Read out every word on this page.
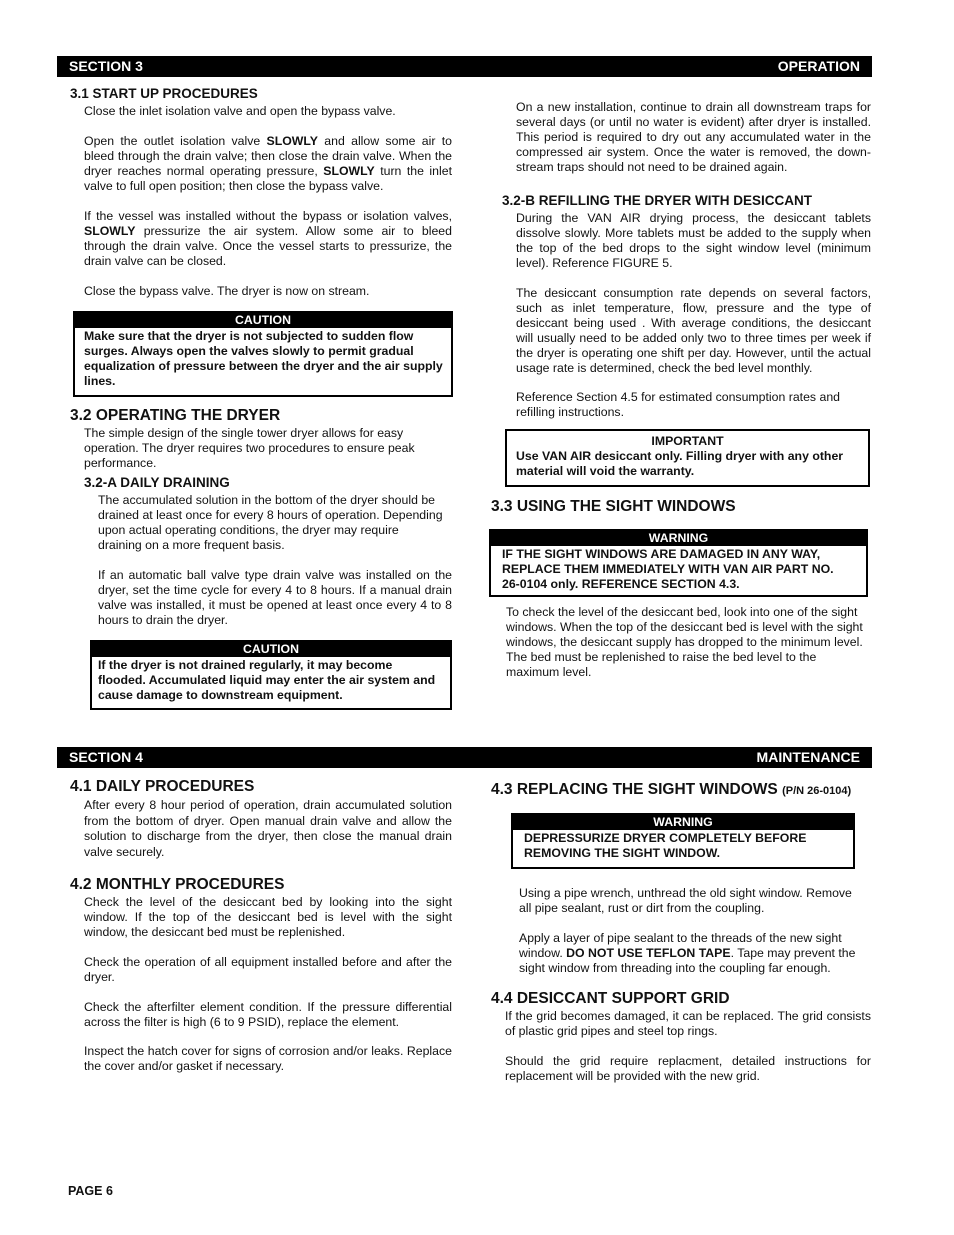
SECTION 3	OPERATION
3.1 START UP PROCEDURES

Close the inlet isolation valve and open the bypass valve.

Open the outlet isolation valve SLOWLY and allow some air to bleed through the drain valve; then close the drain valve. When the dryer reaches normal operating pressure, SLOWLY turn the inlet valve to full open position; then close the bypass valve.

If the vessel was installed without the bypass or isolation valves, SLOWLY pressurize the air system. Allow some air to bleed through the drain valve. Once the vessel starts to pressurize, the drain valve can be closed.

Close the bypass valve. The dryer is now on stream.

CAUTION
Make sure that the dryer is not subjected to sudden flow surges. Always open the valves slowly to permit gradual equalization of pressure between the dryer and the air supply lines.
3.2 OPERATING THE DRYER

The simple design of the single tower dryer allows for easy operation. The dryer requires two procedures to ensure peak performance.

3.2-A DAILY DRAINING

The accumulated solution in the bottom of the dryer should be drained at least once for every 8 hours of operation. Depending upon actual operating conditions, the dryer may require draining on a more frequent basis.

If an automatic ball valve type drain valve was installed on the dryer, set the time cycle for every 4 to 8 hours. If a manual drain valve was installed, it must be opened at least once every 4 to 8 hours to drain the dryer.

CAUTION
If the dryer is not drained regularly, it may become flooded. Accumulated liquid may enter the air system and cause damage to downstream equipment.

On a new installation, continue to drain all downstream traps for several days (or until no water is evident) after dryer is installed. This period is required to dry out any accumulated water in the compressed air system. Once the water is removed, the down-stream traps should not need to be drained again.

3.2-B REFILLING THE DRYER WITH DESICCANT

During the VAN AIR drying process, the desiccant tablets dissolve slowly. More tablets must be added to the supply when the top of the bed drops to the sight window level (minimum level). Reference FIGURE 5.

The desiccant consumption rate depends on several factors, such as inlet temperature, flow, pressure and the type of desiccant being used . With average conditions, the desiccant will usually need to be added only two to three times per week if the dryer is operating one shift per day. However, until the actual usage rate is determined, check the bed level monthly.

Reference Section 4.5 for estimated consumption rates and refilling instructions.

IMPORTANT
Use VAN AIR desiccant only. Filling dryer with any other material will void the warranty.
3.3 USING THE SIGHT WINDOWS
WARNING
IF THE SIGHT WINDOWS ARE DAMAGED IN ANY WAY, REPLACE THEM IMMEDIATELY WITH VAN AIR PART NO. 26-0104 only. REFERENCE SECTION 4.3.

To check the level of the desiccant bed, look into one of the sight windows. When the top of the desiccant bed is level with the sight windows, the desiccant supply has dropped to the minimum level. The bed must be replenished to raise the bed level to the maximum level.

SECTION 4	MAINTENANCE
4.1 DAILY PROCEDURES

After every 8 hour period of operation, drain accumulated solution from the bottom of dryer. Open manual drain valve and allow the solution to discharge from the dryer, then close the manual drain valve securely.

4.2 MONTHLY PROCEDURES

Check the level of the desiccant bed by looking into the sight window. If the top of the desiccant bed is level with the sight window, the desiccant bed must be replenished.

Check the operation of all equipment installed before and after the dryer.

Check the afterfilter element condition. If the pressure differential across the filter is high (6 to 9 PSID), replace the element.

Inspect the hatch cover for signs of corrosion and/or leaks. Replace the cover and/or gasket if necessary.

4.3 REPLACING THE SIGHT WINDOWS (P/N 26-0104)
WARNING
DEPRESSURIZE DRYER COMPLETELY BEFORE REMOVING THE SIGHT WINDOW.

Using a pipe wrench, unthread the old sight window. Remove all pipe sealant, rust or dirt from the coupling.

Apply a layer of pipe sealant to the threads of the new sight window. DO NOT USE TEFLON TAPE. Tape may prevent the sight window from threading into the coupling far enough.

4.4 DESICCANT SUPPORT GRID

If the grid becomes damaged, it can be replaced. The grid consists of plastic grid pipes and steel top rings.

Should the grid require replacment, detailed instructions for replacement will be provided with the new grid.

PAGE 6
